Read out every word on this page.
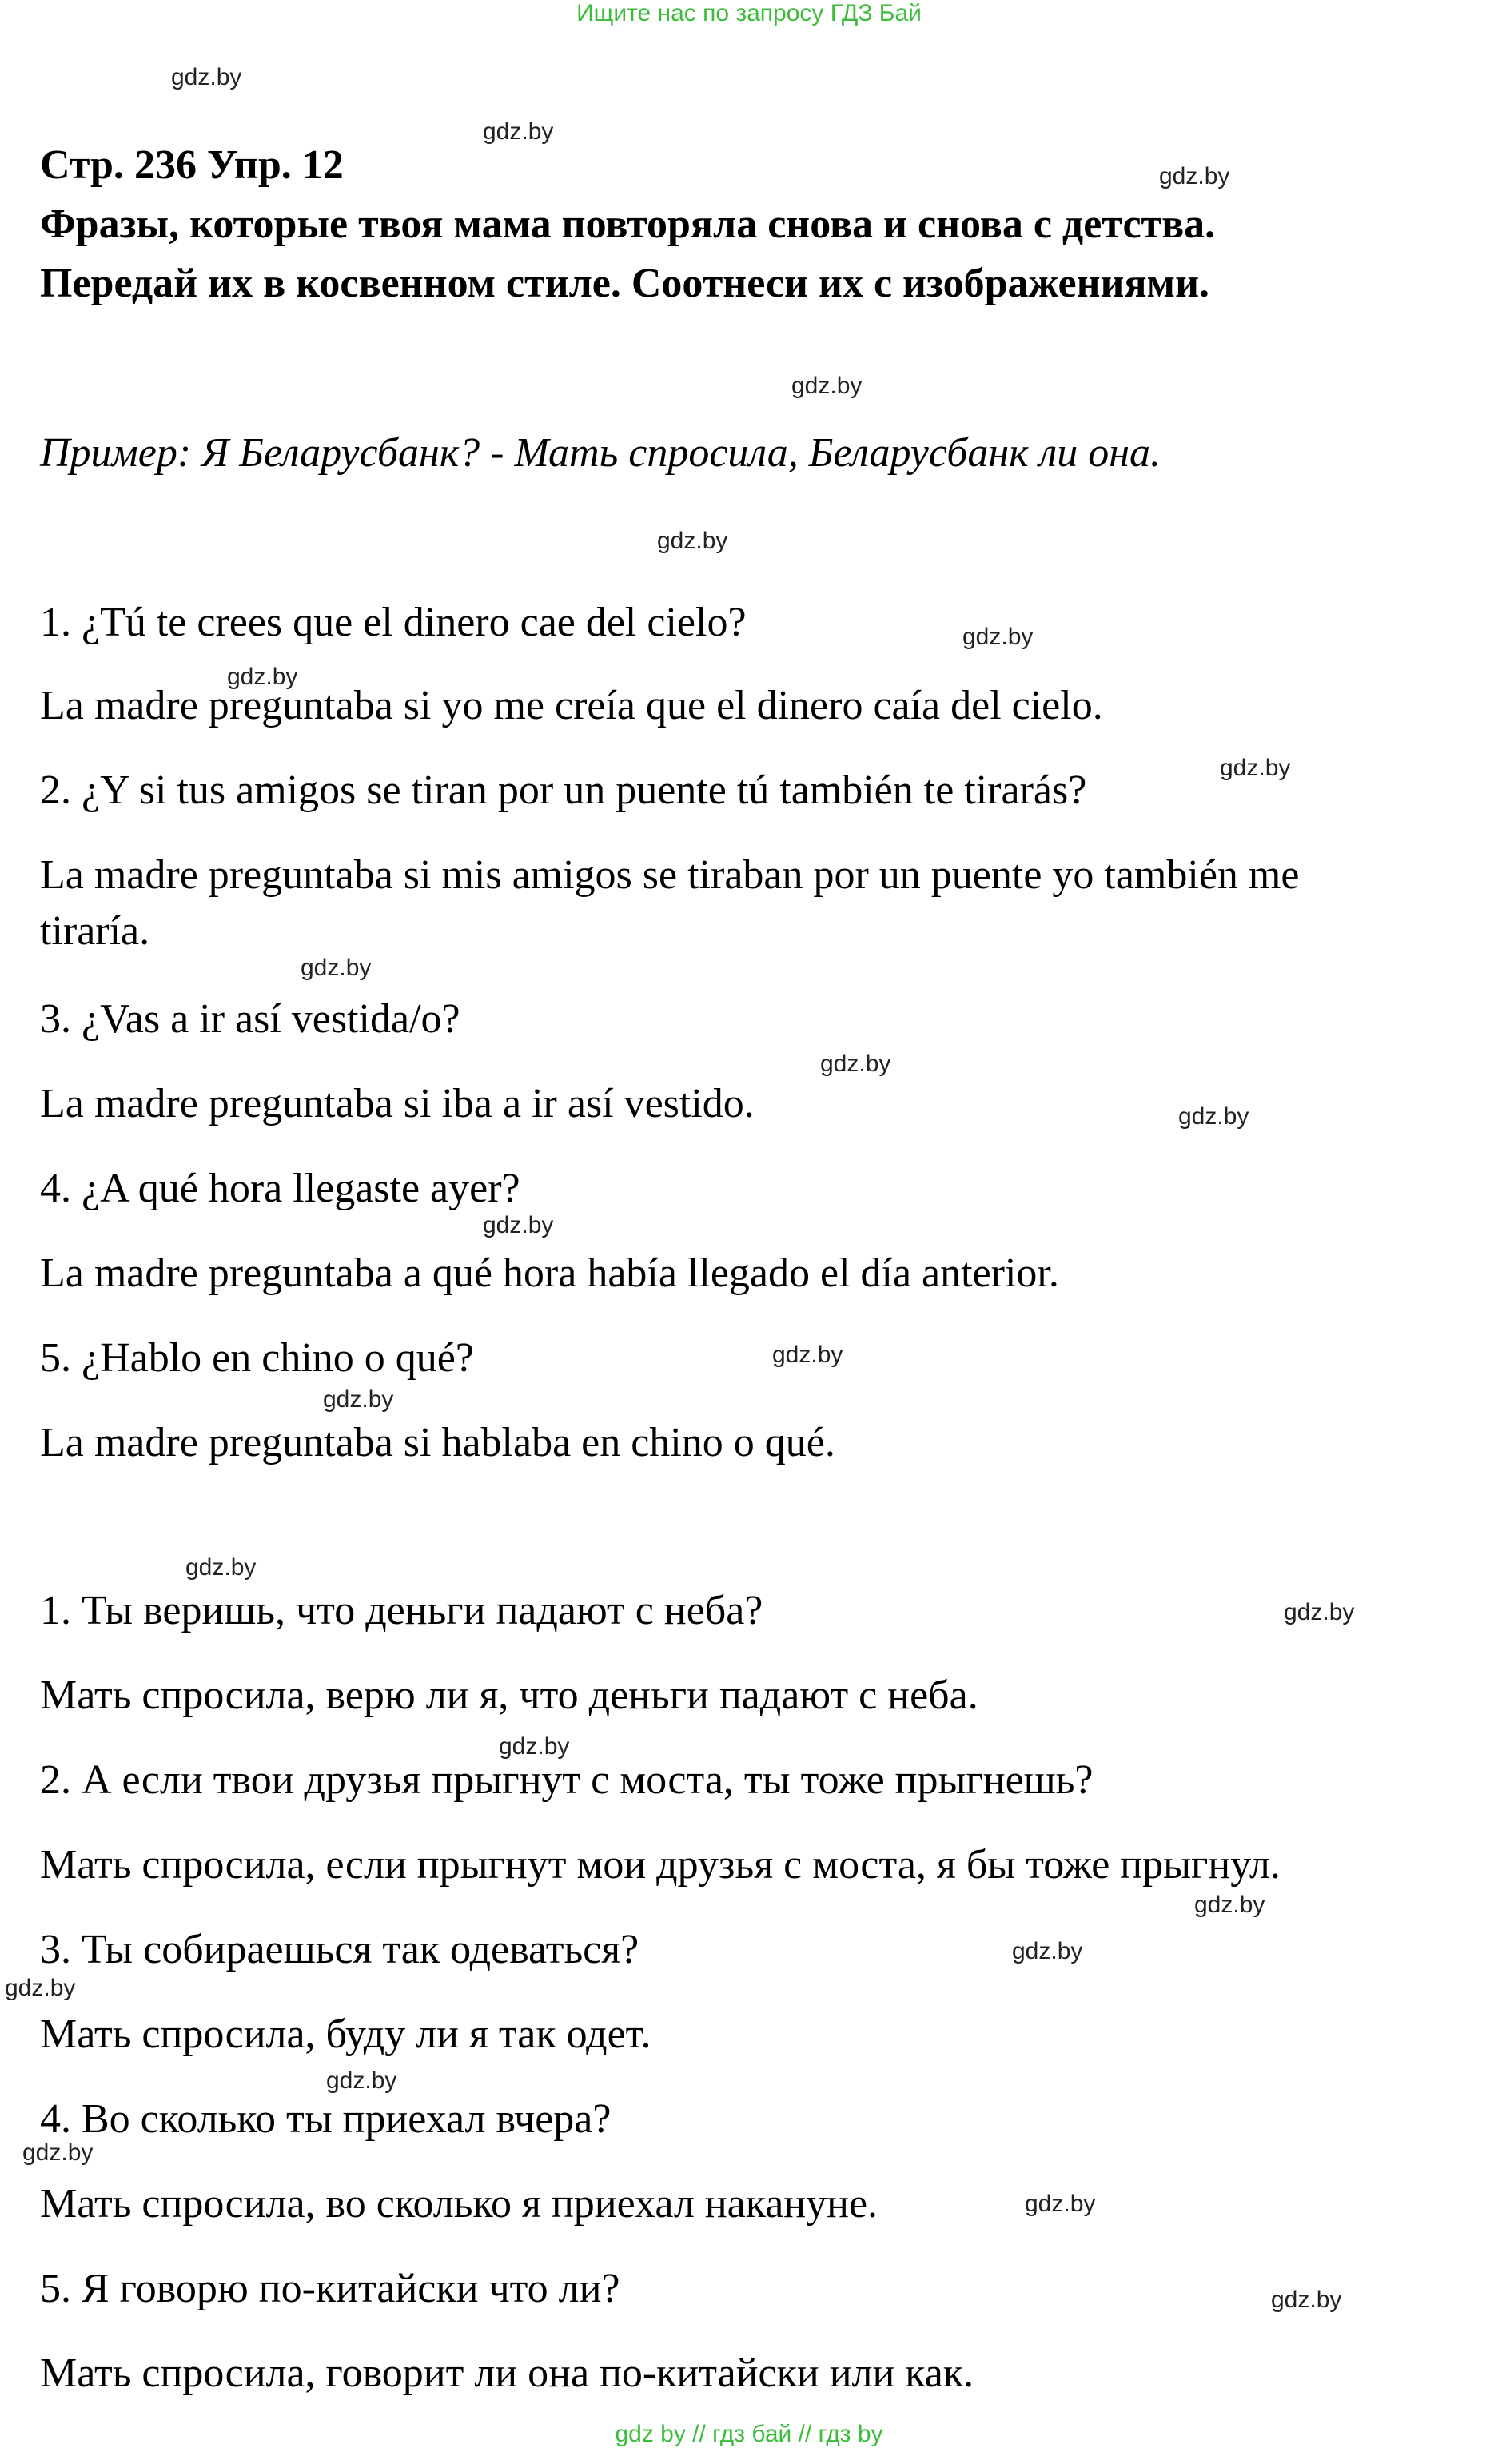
Ищите нас по запросу ГДЗ Бай
Стр. 236 Упр. 12
Фразы, которые твоя мама повторяла снова и снова с детства.
Передай их в косвенном стиле. Соотнеси их с изображениями.
Пример: Я Беларусбанк? - Мать спросила, Беларусбанк ли она.
1. ¿Tú te crees que el dinero cae del cielo?
La madre preguntaba si yo me creía que el dinero caía del cielo.
2. ¿Y si tus amigos se tiran por un puente tú también te tirarás?
La madre preguntaba si mis amigos se tiraban por un puente yo también me
tiraría.
3. ¿Vas a ir así vestida/o?
La madre preguntaba si iba a ir así vestido.
4. ¿A qué hora llegaste ayer?
La madre preguntaba a qué hora había llegado el día anterior.
5. ¿Hablo en chino o qué?
La madre preguntaba si hablaba en chino o qué.
1. Ты веришь, что деньги падают с неба?
Мать спросила, верю ли я, что деньги падают с неба.
2. А если твои друзья прыгнут с моста, ты тоже прыгнешь?
Мать спросила, если прыгнут мои друзья с моста, я бы тоже прыгнул.
3. Ты собираешься так одеваться?
Мать спросила, буду ли я так одет.
4. Во сколько ты приехал вчера?
Мать спросила, во сколько я приехал накануне.
5. Я говорю по-китайски что ли?
Мать спросила, говорит ли она по-китайски или как.
gdz.by
gdz.by
gdz.by
gdz.by
gdz.by
gdz.by
gdz.by
gdz.by
gdz.by
gdz.by
gdz.by
gdz.by
gdz.by
gdz.by
gdz.by
gdz.by
gdz.by
gdz.by
gdz.by
gdz.by
gdz.by
gdz.by
gdz.by
gdz.by
gdz by // гдз бай // гдз by
